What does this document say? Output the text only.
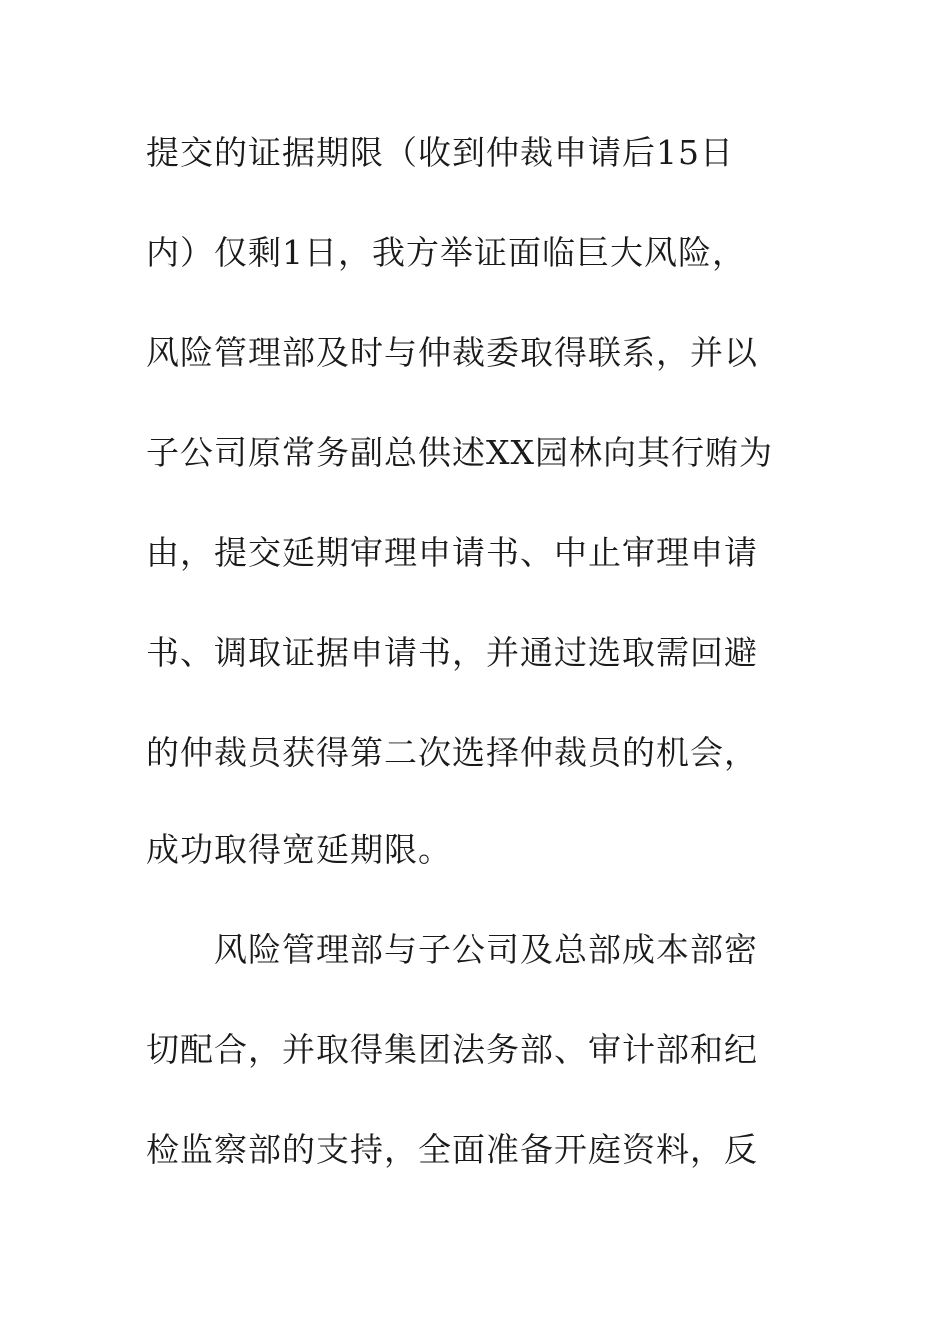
提交的证据期限（收到仲裁申请后15日
内）仅剩1日，我方举证面临巨大风险，
风险管理部及时与仲裁委取得联系，并以
子公司原常务副总供述XX园林向其行贿为
由，提交延期审理申请书、中止审理申请
书、调取证据申请书，并通过选取需回避
的仲裁员获得第二次选择仲裁员的机会，
成功取得宽延期限。
风险管理部与子公司及总部成本部密
切配合，并取得集团法务部、审计部和纪
检监察部的支持，全面准备开庭资料，反
